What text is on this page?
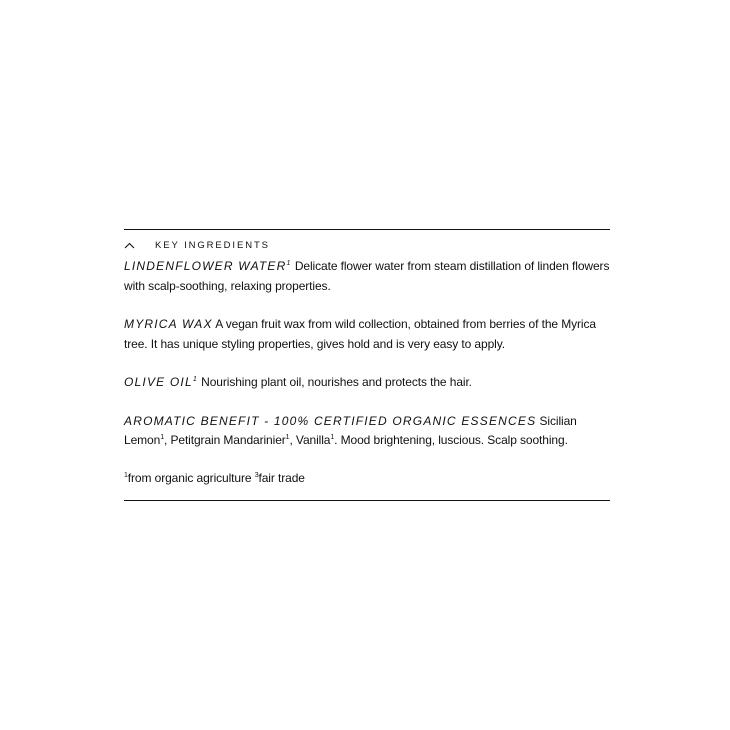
KEY INGREDIENTS

LINDENFLOWER WATER$^1$ Delicate flower water from steam distillation of linden flowers with scalp-soothing, relaxing properties.

MYRICA WAX A vegan fruit wax from wild collection, obtained from berries of the Myrica tree. It has unique styling properties, gives hold and is very easy to apply.

OLIVE OIL$^1$ Nourishing plant oil, nourishes and protects the hair.

AROMATIC BENEFIT - 100% CERTIFIED ORGANIC ESSENCES Sicilian Lemon$^1$, Petitgrain Mandarinier$^1$, Vanilla$^1$. Mood brightening, luscious. Scalp soothing.

$^1$from organic agriculture $^3$fair trade
